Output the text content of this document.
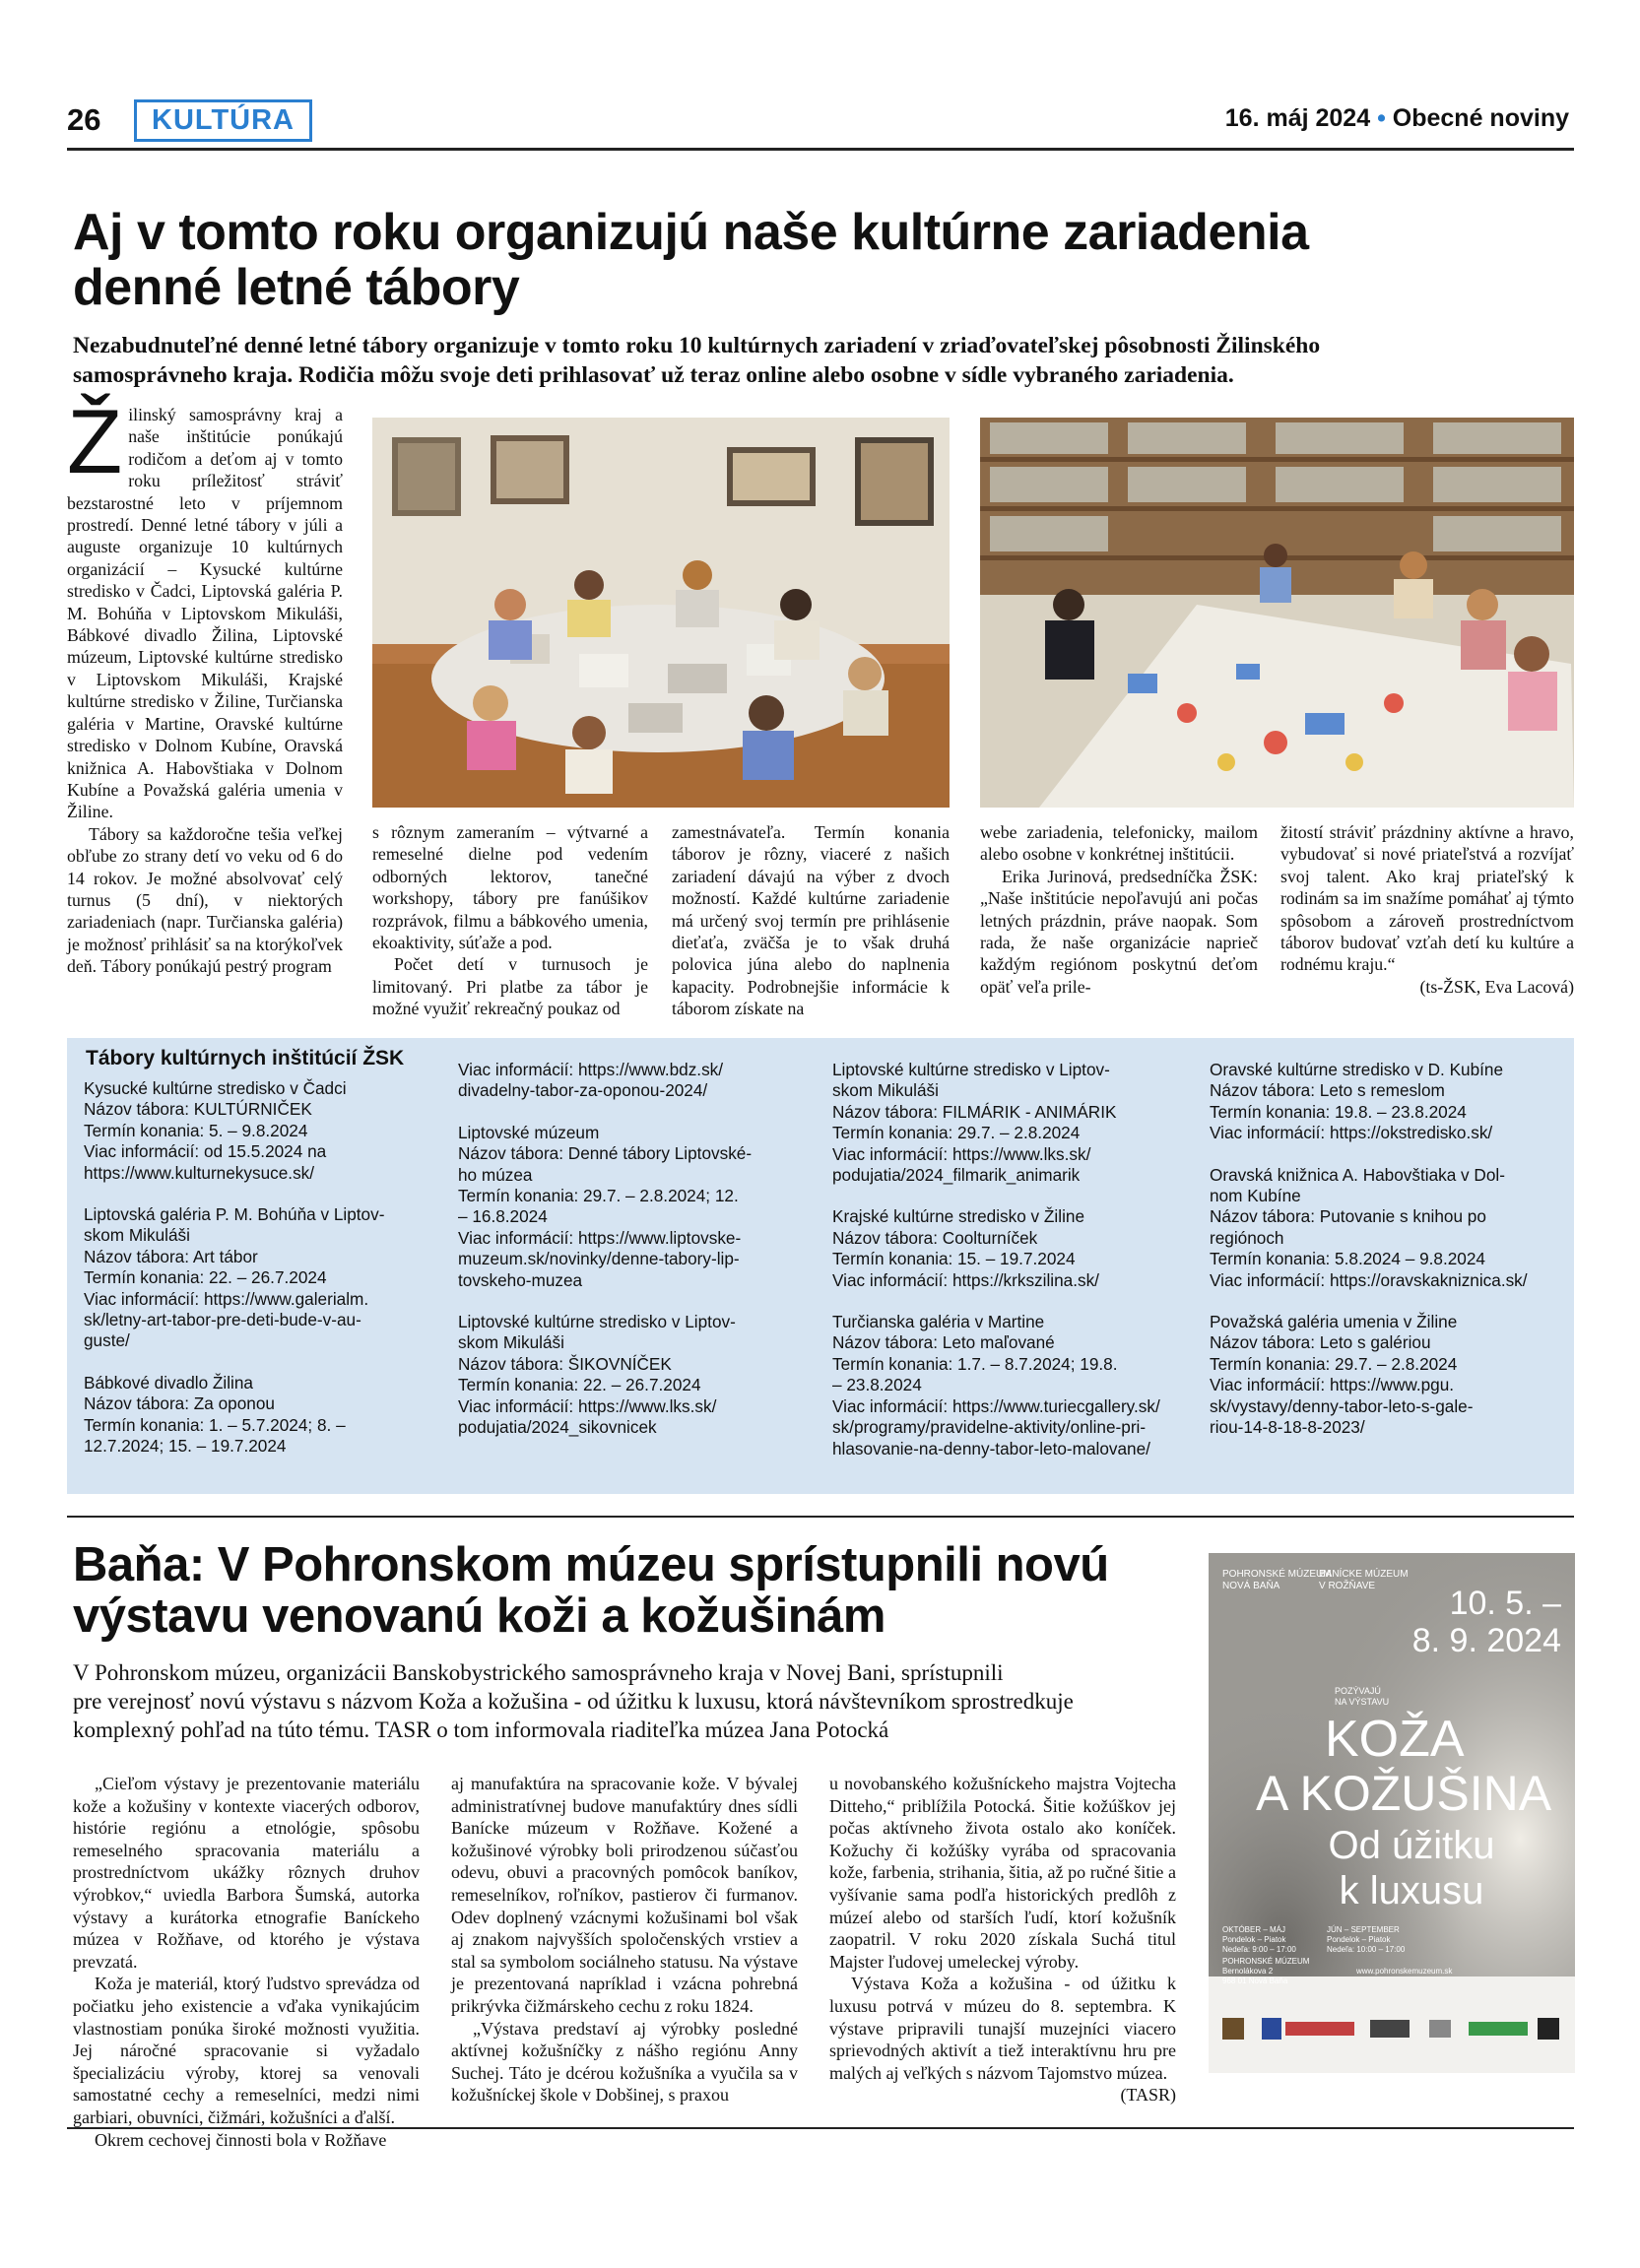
26	KULTÚRA	16. máj 2024 • Obecné noviny
Aj v tomto roku organizujú naše kultúrne zariadenia
denné letné tábory
Nezabudnuteľné denné letné tábory organizuje v tomto roku 10 kultúrnych zariadení v zriaďovateľskej pôsobnosti Žilinského
samosprávneho kraja. Rodičia môžu svoje deti prihlasovať už teraz online alebo osobne v sídle vybraného zariadenia.

Žilinský samosprávny kraj a naše inštitúcie ponúkajú rodičom a deťom aj v tomto roku príležitosť stráviť bezstarostné leto v príjemnom prostredí. Denné letné tábory v júli a auguste organizuje 10 kultúrnych organizácií – Kysucké kultúrne stredisko v Čadci, Liptovská galéria P. M. Bohúňa v Liptovskom Mikuláši, Bábkové divadlo Žilina, Liptovské múzeum, Liptovské kultúrne stredisko v Liptovskom Mikuláši, Krajské kultúrne stredisko v Žiline, Turčianska galéria v Martine, Oravské kultúrne stredisko v Dolnom Kubíne, Oravská knižnica A. Habovštiaka v Dolnom Kubíne a Považská galéria umenia v Žiline.

Tábory sa každoročne tešia veľkej obľube zo strany detí vo veku od 6 do 14 rokov. Je možné absolvovať celý turnus (5 dní), v niektorých zariadeniach (napr. Turčianska galéria) je možnosť prihlásiť sa na ktorýkoľvek deň. Tábory ponúkajú pestrý program

s rôznym zameraním – výtvarné a remeselné dielne pod vedením odborných lektorov, tanečné workshopy, tábory pre fanúšikov rozprávok, filmu a bábkového umenia, ekoaktivity, súťaže a pod.

Počet detí v turnusoch je limitovaný. Pri platbe za tábor je možné využiť rekreačný poukaz od

zamestnávateľa. Termín konania táborov je rôzny, viaceré z našich zariadení dávajú na výber z dvoch možností. Každé kultúrne zariadenie má určený svoj termín pre prihlásenie dieťaťa, zväčša je to však druhá polovica júna alebo do naplnenia kapacity. Podrobnejšie informácie k táborom získate na

webe zariadenia, telefonicky, mailom alebo osobne v konkrétnej inštitúcii.

Erika Jurinová, predsedníčka ŽSK: „Naše inštitúcie nepoľavujú ani počas letných prázdnin, práve naopak. Som rada, že naše organizácie naprieč každým regiónom poskytnú deťom opäť veľa prile-

žitostí stráviť prázdniny aktívne a hravo, vybudovať si nové priateľstvá a rozvíjať svoj talent. Ako kraj priateľský k rodinám sa im snažíme pomáhať aj týmto spôsobom a zároveň prostredníctvom táborov budovať vzťah detí ku kultúre a rodnému kraju.“

(ts-ŽSK, Eva Lacová)
Tábory kultúrnych inštitúcií ŽSK
Kysucké kultúrne stredisko v Čadci
Názov tábora: KULTÚRNIČEK
Termín konania: 5. – 9.8.2024
Viac informácií: od 15.5.2024 na
https://www.kulturnekysuce.sk/
Liptovská galéria P. M. Bohúňa v Liptov-
skom Mikuláši
Názov tábora: Art tábor
Termín konania: 22. – 26.7.2024
Viac informácií: https://www.galerialm.
sk/letny-art-tabor-pre-deti-bude-v-au-
guste/
Bábkové divadlo Žilina
Názov tábora: Za oponou
Termín konania: 1. – 5.7.2024; 8. –
12.7.2024; 15. – 19.7.2024
Viac informácií: https://www.bdz.sk/
divadelny-tabor-za-oponou-2024/
Liptovské múzeum
Názov tábora: Denné tábory Liptovské-
ho múzea
Termín konania: 29.7. – 2.8.2024; 12.
– 16.8.2024
Viac informácií: https://www.liptovske-
muzeum.sk/novinky/denne-tabory-lip-
tovskeho-muzea
Liptovské kultúrne stredisko v Liptov-
skom Mikuláši
Názov tábora: ŠIKOVNÍČEK
Termín konania: 22. – 26.7.2024
Viac informácií: https://www.lks.sk/
podujatia/2024_sikovnicek
Liptovské kultúrne stredisko v Liptov-
skom Mikuláši
Názov tábora: FILMÁRIK - ANIMÁRIK
Termín konania: 29.7. – 2.8.2024
Viac informácií: https://www.lks.sk/
podujatia/2024_filmarik_animarik
Krajské kultúrne stredisko v Žiline
Názov tábora: Coolturníček
Termín konania: 15. – 19.7.2024
Viac informácií: https://krkszilina.sk/
Turčianska galéria v Martine
Názov tábora: Leto maľované
Termín konania: 1.7. – 8.7.2024; 19.8.
– 23.8.2024
Viac informácií: https://www.turiecgallery.sk/
sk/programy/pravidelne-aktivity/online-pri-
hlasovanie-na-denny-tabor-leto-malovane/
Oravské kultúrne stredisko v D. Kubíne
Názov tábora: Leto s remeslom
Termín konania: 19.8. – 23.8.2024
Viac informácií: https://okstredisko.sk/
Oravská knižnica A. Habovštiaka v Dol-
nom Kubíne
Názov tábora: Putovanie s knihou po
regiónoch
Termín konania: 5.8.2024 – 9.8.2024
Viac informácií: https://oravskakniznica.sk/
Považská galéria umenia v Žiline
Názov tábora: Leto s galériou
Termín konania: 29.7. – 2.8.2024
Viac informácií: https://www.pgu.
sk/vystavy/denny-tabor-leto-s-gale-
riou-14-8-18-8-2023/
Baňa: V Pohronskom múzeu sprístupnili novú
výstavu venovanú koži a kožušinám
V Pohronskom múzeu, organizácii Banskobystrického samosprávneho kraja v Novej Bani, sprístupnili
pre verejnosť novú výstavu s názvom Koža a kožušina - od úžitku k luxusu, ktorá návštevníkom sprostredkuje
komplexný pohľad na túto tému. TASR o tom informovala riaditeľka múzea Jana Potocká

„Cieľom výstavy je prezentovanie materiálu kože a kožušiny v kontexte viacerých odborov, histórie regiónu a etnológie, spôsobu remeselného spracovania materiálu a prostredníctvom ukážky rôznych druhov výrobkov,“ uviedla Barbora Šumská, autorka výstavy a kurátorka etnografie Baníckeho múzea v Rožňave, od ktorého je výstava prevzatá.

Koža je materiál, ktorý ľudstvo sprevádza od počiatku jeho existencie a vďaka vynikajúcim vlastnostiam ponúka široké možnosti využitia. Jej náročné spracovanie si vyžadalo špecializáciu výroby, ktorej sa venovali samostatné cechy a remeselníci, medzi nimi garbiari, obuvníci, čižmári, kožušníci a ďalší.

Okrem cechovej činnosti bola v Rožňave

aj manufaktúra na spracovanie kože. V bývalej administratívnej budove manufaktúry dnes sídli Banícke múzeum v Rožňave. Kožené a kožušinové výrobky boli prirodzenou súčasťou odevu, obuvi a pracovných pomôcok baníkov, remeselníkov, roľníkov, pastierov či furmanov. Odev doplnený vzácnymi kožušinami bol však aj znakom najvyšších spoločenských vrstiev a stal sa symbolom sociálneho statusu. Na výstave je prezentovaná napríklad i vzácna pohrebná prikrývka čižmárskeho cechu z roku 1824.

„Výstava predstaví aj výrobky posledné aktívnej kožušníčky z nášho regiónu Anny Suchej. Táto je dcérou kožušníka a vyučila sa v kožušníckej škole v Dobšinej, s praxou

u novobanského kožušníckeho majstra Vojtecha Ditteho,“ priblížila Potocká. Šitie kožúškov jej počas aktívneho života ostalo ako koníček. Kožuchy či kožúšky vyrába od spracovania kože, farbenia, strihania, šitia, až po ručné šitie a vyšívanie sama podľa historických predlôh z múzeí alebo od starších ľudí, ktorí kožušník zaopatril. V roku 2020 získala Suchá titul Majster ľudovej umeleckej výroby.

Výstava Koža a kožušina - od úžitku k luxusu potrvá v múzeu do 8. septembra. K výstave pripravili tunajší muzejníci viacero sprievodných aktivít a tiež interaktívnu hru pre malých aj veľkých s názvom Tajomstvo múzea.

(TASR)
POHRONSKÉ MÚZEUM
NOVÁ BAŇA
BANÍCKE MÚZEUM
V ROŽŇAVE	10. 5. –
8. 9. 2024
POZÝVAJÚ
NA VÝSTAVU
KOŽA
A KOŽUŠINA
Od úžitku
k luxusu
OKTÓBER – MÁJ
Pondelok – Piatok
Nedeľa: 9:00 – 17:00
JÚN – SEPTEMBER
Pondelok – Piatok
Nedeľa: 10:00 – 17:00
POHRONSKÉ MÚZEUM
Bernolákova 2
968 01 Nová Baňa
www.pohronskemuzeum.sk
